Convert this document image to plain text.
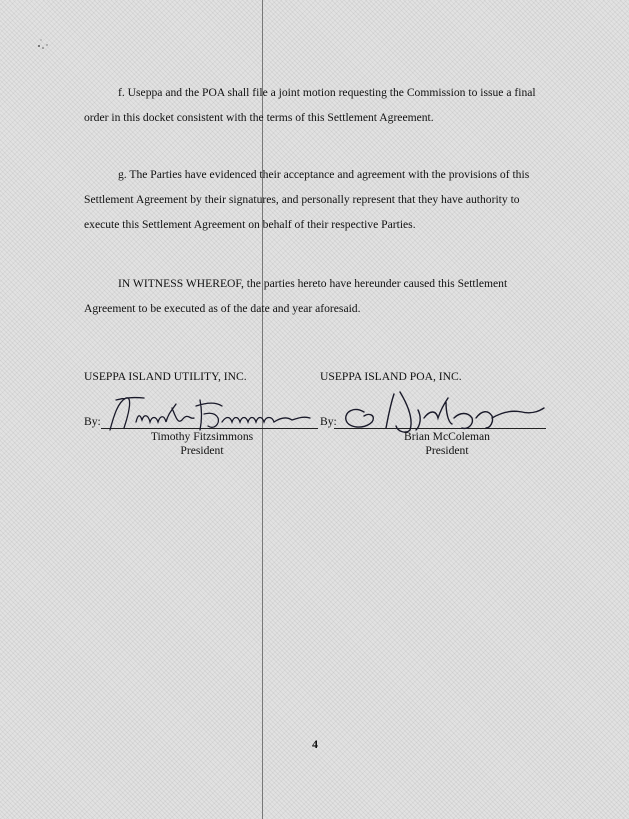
f. Useppa and the POA shall file a joint motion requesting the Commission to issue a final order in this docket consistent with the terms of this Settlement Agreement.

g. The Parties have evidenced their acceptance and agreement with the provisions of this Settlement Agreement by their signatures, and personally represent that they have authority to execute this Settlement Agreement on behalf of their respective Parties.

IN WITNESS WHEREOF, the parties hereto have hereunder caused this Settlement Agreement to be executed as of the date and year aforesaid.

USEPPA ISLAND UTILITY, INC.	USEPPA ISLAND POA, INC.
By:	By:
Timothy Fitzsimmons
President
Brian McColeman
President
4
